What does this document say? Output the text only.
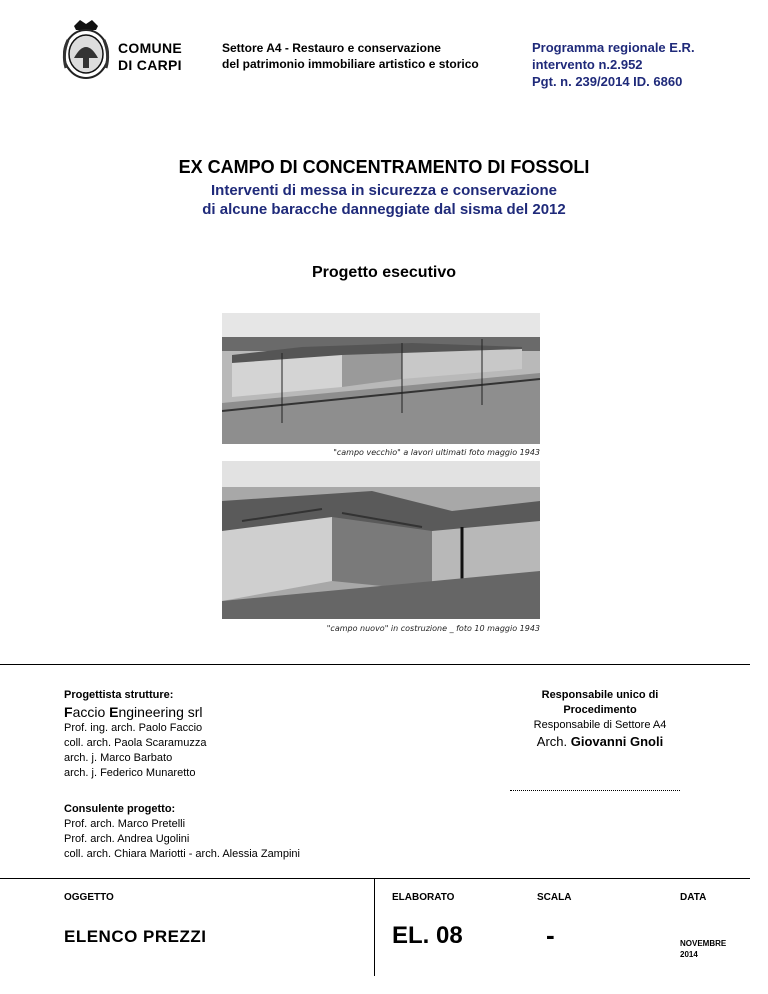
COMUNE
DI CARPI
Settore A4 - Restauro e conservazione
del patrimonio immobiliare artistico e storico
Programma regionale E.R.
intervento n.2.952
Pgt. n. 239/2014 ID. 6860
EX CAMPO DI CONCENTRAMENTO DI FOSSOLI
Interventi di messa in sicurezza e conservazione
di alcune baracche danneggiate dal sisma del 2012
Progetto esecutivo
"campo vecchio" a lavori ultimati foto maggio 1943
"campo nuovo" in costruzione _ foto 10 maggio 1943
Progettista strutture:
Faccio Engineering srl
Prof. ing. arch. Paolo Faccio
coll. arch. Paola Scaramuzza
arch. j. Marco Barbato
arch. j. Federico Munaretto
Consulente progetto:
Prof. arch. Marco Pretelli
Prof. arch. Andrea Ugolini
coll. arch. Chiara Mariotti - arch. Alessia Zampini
Responsabile unico di
Procedimento
Responsabile di Settore A4
Arch. Giovanni Gnoli
OGGETTO
ELENCO PREZZI
ELABORATO
EL. 08
SCALA
-
DATA
NOVEMBRE
2014
